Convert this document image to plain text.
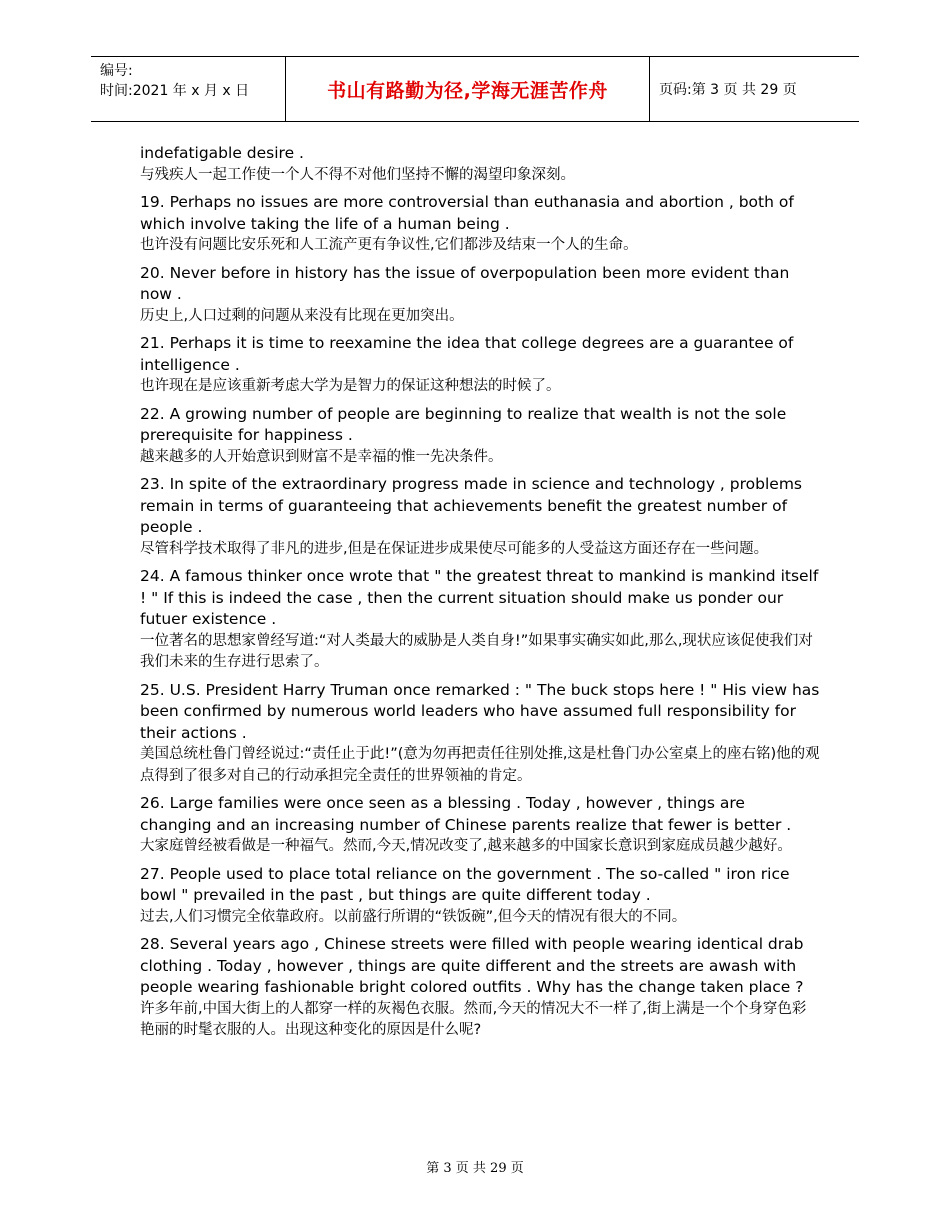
编号:
时间:2021 年 x 月 x 日	书山有路勤为径,学海无涯苦作舟	页码:第 3 页 共 29 页
indefatigable desire .
与残疾人一起工作使一个人不得不对他们坚持不懈的渴望印象深刻。
19. Perhaps no issues are more controversial than euthanasia and abortion , both of which involve taking the life of a human being .
也许没有问题比安乐死和人工流产更有争议性,它们都涉及结束一个人的生命。
20. Never before in history has the issue of overpopulation been more evident than now .
历史上,人口过剩的问题从来没有比现在更加突出。
21. Perhaps it is time to reexamine the idea that college degrees are a guarantee of intelligence .
也许现在是应该重新考虑大学为是智力的保证这种想法的时候了。
22. A growing number of people are beginning to realize that wealth is not the sole prerequisite for happiness .
越来越多的人开始意识到财富不是幸福的惟一先决条件。
23. In spite of the extraordinary progress made in science and technology , problems remain in terms of guaranteeing that achievements benefit the greatest number of people .
尽管科学技术取得了非凡的进步,但是在保证进步成果使尽可能多的人受益这方面还存在一些问题。
24. A famous thinker once wrote that " the greatest threat to mankind is mankind itself ! " If this is indeed the case , then the current situation should make us ponder our futuer existence .
一位著名的思想家曾经写道:“对人类最大的威胁是人类自身!”如果事实确实如此,那么,现状应该促使我们对我们未来的生存进行思索了。
25. U.S. President Harry Truman once remarked : " The buck stops here ! " His view has been confirmed by numerous world leaders who have assumed full responsibility for their actions .
美国总统杜鲁门曾经说过:“责任止于此!”(意为勿再把责任往别处推,这是杜鲁门办公室桌上的座右铭)他的观点得到了很多对自己的行动承担完全责任的世界领袖的肯定。
26. Large families were once seen as a blessing . Today , however , things are changing and an increasing number of Chinese parents realize that fewer is better .
大家庭曾经被看做是一种福气。然而,今天,情况改变了,越来越多的中国家长意识到家庭成员越少越好。
27. People used to place total reliance on the government . The so-called " iron rice bowl " prevailed in the past , but things are quite different today .
过去,人们习惯完全依靠政府。以前盛行所谓的“铁饭碗”,但今天的情况有很大的不同。
28. Several years ago , Chinese streets were filled with people wearing identical drab clothing . Today , however , things are quite different and the streets are awash with people wearing fashionable bright colored outfits . Why has the change taken place ?
许多年前,中国大街上的人都穿一样的灰褐色衣服。然而,今天的情况大不一样了,街上满是一个个身穿色彩艳丽的时髦衣服的人。出现这种变化的原因是什么呢?
第 3 页 共 29 页
